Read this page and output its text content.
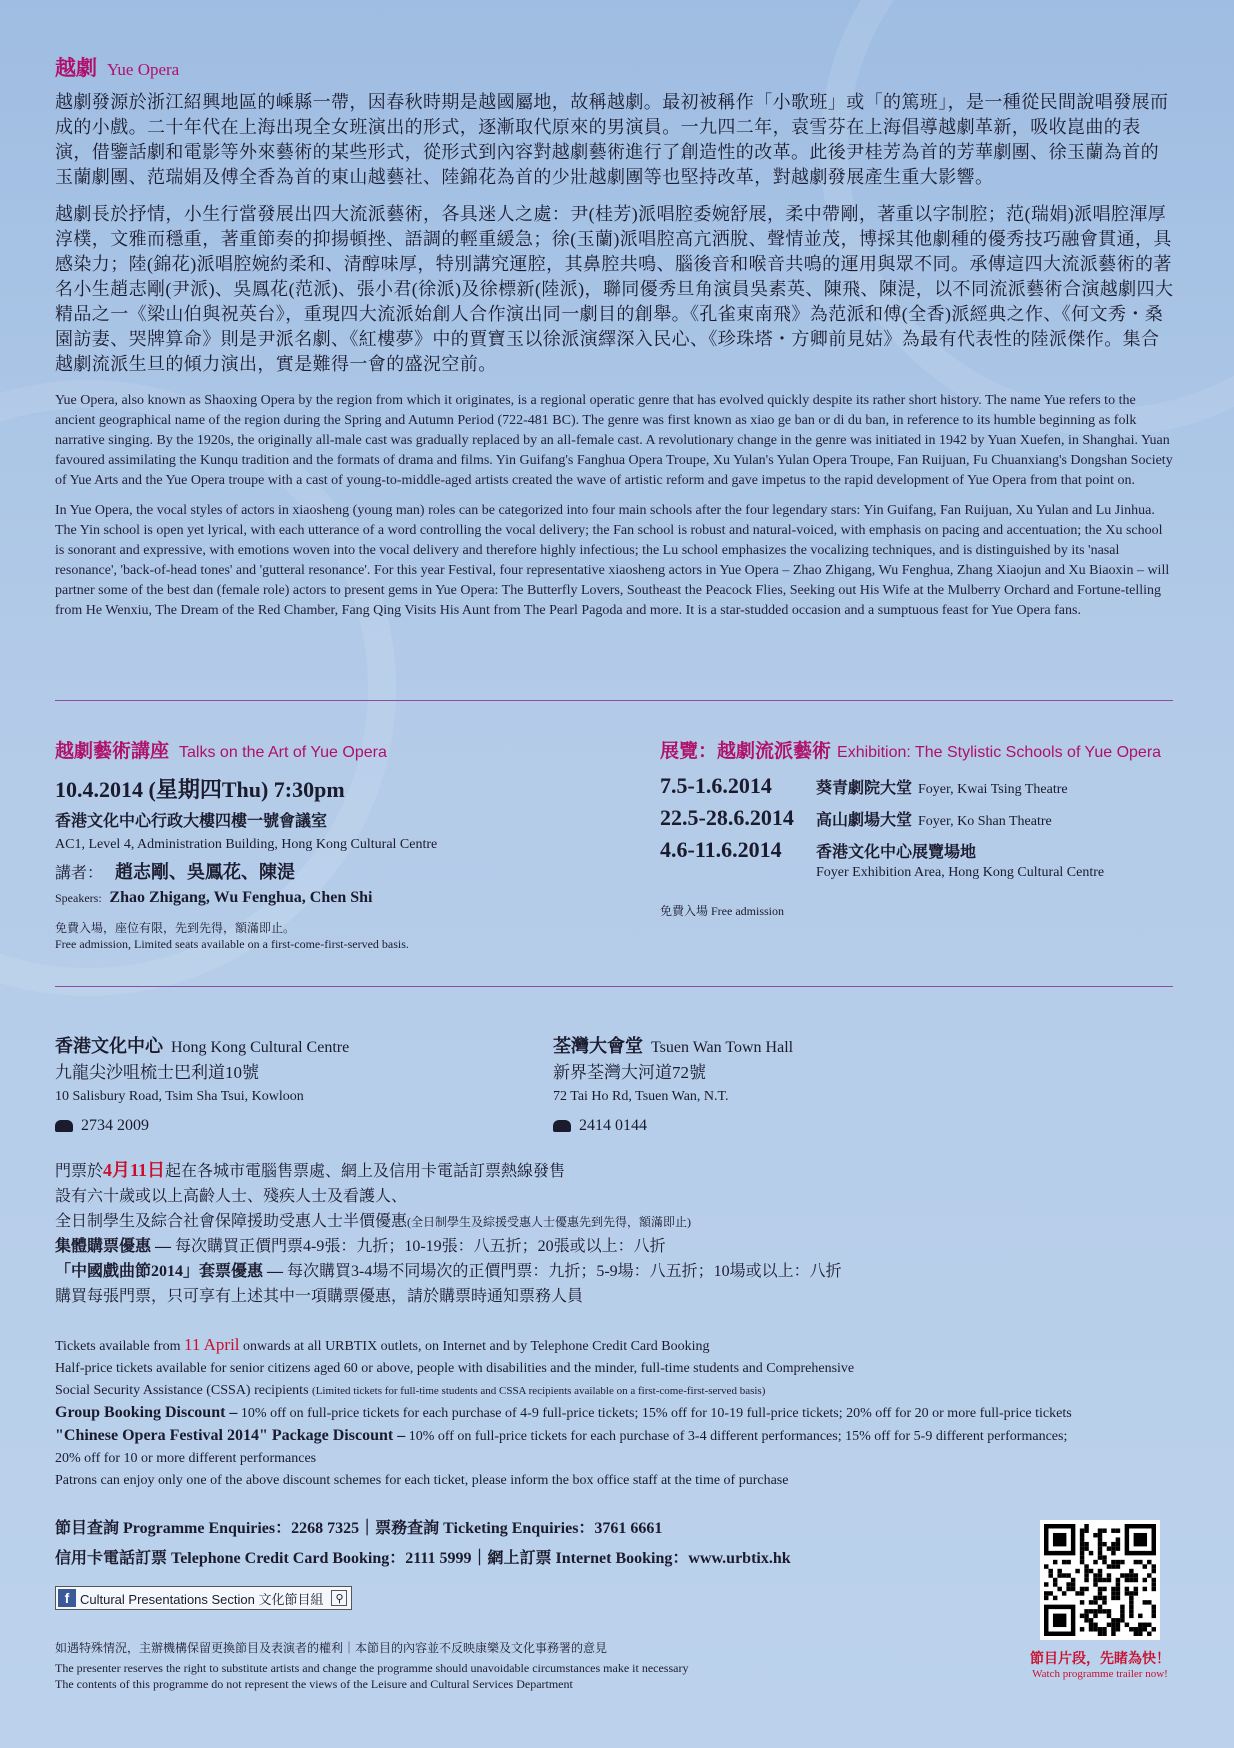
越劇 Yue Opera

越劇發源於浙江紹興地區的嵊縣一帶，因春秋時期是越國屬地，故稱越劇。最初被稱作「小歌班」或「的篤班」，是一種從民間說唱發展而成的小戲。二十年代在上海出現全女班演出的形式，逐漸取代原來的男演員。一九四二年，袁雪芬在上海倡導越劇革新，吸收崑曲的表演，借鑒話劇和電影等外來藝術的某些形式，從形式到內容對越劇藝術進行了創造性的改革。此後尹桂芳為首的芳華劇團、徐玉蘭為首的玉蘭劇團、范瑞娟及傅全香為首的東山越藝社、陸錦花為首的少壯越劇團等也堅持改革，對越劇發展產生重大影響。

越劇長於抒情，小生行當發展出四大流派藝術，各具迷人之處：尹(桂芳)派唱腔委婉舒展，柔中帶剛，著重以字制腔；范(瑞娟)派唱腔渾厚淳樸，文雅而穩重，著重節奏的抑揚頓挫、語調的輕重緩急；徐(玉蘭)派唱腔高亢洒脫、聲情並茂，博採其他劇種的優秀技巧融會貫通，具感染力；陸(錦花)派唱腔婉約柔和、清醇味厚，特別講究運腔，其鼻腔共鳴、腦後音和喉音共鳴的運用與眾不同。承傳這四大流派藝術的著名小生趙志剛(尹派)、吳鳳花(范派)、張小君(徐派)及徐標新(陸派)，聯同優秀旦角演員吳素英、陳飛、陳湜，以不同流派藝術合演越劇四大精品之一《梁山伯與祝英台》，重現四大流派始創人合作演出同一劇目的創舉。《孔雀東南飛》為范派和傅(全香)派經典之作、《何文秀・桑園訪妻、哭牌算命》則是尹派名劇、《紅樓夢》中的賈寶玉以徐派演繹深入民心、《珍珠塔・方卿前見姑》為最有代表性的陸派傑作。集合越劇流派生旦的傾力演出，實是難得一會的盛況空前。

Yue Opera, also known as Shaoxing Opera by the region from which it originates, is a regional operatic genre that has evolved quickly despite its rather short history. The name Yue refers to the ancient geographical name of the region during the Spring and Autumn Period (722-481 BC). The genre was first known as xiao ge ban or di du ban, in reference to its humble beginning as folk narrative singing. By the 1920s, the originally all-male cast was gradually replaced by an all-female cast. A revolutionary change in the genre was initiated in 1942 by Yuan Xuefen, in Shanghai. Yuan favoured assimilating the Kunqu tradition and the formats of drama and films. Yin Guifang's Fanghua Opera Troupe, Xu Yulan's Yulan Opera Troupe, Fan Ruijuan, Fu Chuanxiang's Dongshan Society of Yue Arts and the Yue Opera troupe with a cast of young-to-middle-aged artists created the wave of artistic reform and gave impetus to the rapid development of Yue Opera from that point on.

In Yue Opera, the vocal styles of actors in xiaosheng (young man) roles can be categorized into four main schools after the four legendary stars: Yin Guifang, Fan Ruijuan, Xu Yulan and Lu Jinhua. The Yin school is open yet lyrical, with each utterance of a word controlling the vocal delivery; the Fan school is robust and natural-voiced, with emphasis on pacing and accentuation; the Xu school is sonorant and expressive, with emotions woven into the vocal delivery and therefore highly infectious; the Lu school emphasizes the vocalizing techniques, and is distinguished by its 'nasal resonance', 'back-of-head tones' and 'gutteral resonance'. For this year Festival, four representative xiaosheng actors in Yue Opera – Zhao Zhigang, Wu Fenghua, Zhang Xiaojun and Xu Biaoxin – will partner some of the best dan (female role) actors to present gems in Yue Opera: The Butterfly Lovers, Southeast the Peacock Flies, Seeking out His Wife at the Mulberry Orchard and Fortune-telling from He Wenxiu, The Dream of the Red Chamber, Fang Qing Visits His Aunt from The Pearl Pagoda and more. It is a star-studded occasion and a sumptuous feast for Yue Opera fans.

越劇藝術講座 Talks on the Art of Yue Opera
10.4.2014 (星期四Thu) 7:30pm
香港文化中心行政大樓四樓一號會議室
AC1, Level 4, Administration Building, Hong Kong Cultural Centre
講者： 趙志剛、吳鳳花、陳湜
Speakers: Zhao Zhigang, Wu Fenghua, Chen Shi
免費入場，座位有限，先到先得，額滿即止。
Free admission, Limited seats available on a first-come-first-served basis.
展覽：越劇流派藝術 Exhibition: The Stylistic Schools of Yue Opera
7.5-1.6.2014	葵青劇院大堂 Foyer, Kwai Tsing Theatre
22.5-28.6.2014	高山劇場大堂 Foyer, Ko Shan Theatre
4.6-11.6.2014	香港文化中心展覽場地
Foyer Exhibition Area, Hong Kong Cultural Centre
免費入場 Free admission
香港文化中心 Hong Kong Cultural Centre
九龍尖沙咀梳士巴利道10號
10 Salisbury Road, Tsim Sha Tsui, Kowloon
2734 2009
荃灣大會堂 Tsuen Wan Town Hall
新界荃灣大河道72號
72 Tai Ho Rd, Tsuen Wan, N.T.
2414 0144
門票於4月11日起在各城市電腦售票處、網上及信用卡電話訂票熱線發售
設有六十歲或以上高齡人士、殘疾人士及看護人、
全日制學生及綜合社會保障援助受惠人士半價優惠(全日制學生及綜援受惠人士優惠先到先得，額滿即止)
集體購票優惠 — 每次購買正價門票4-9張：九折；10-19張：八五折；20張或以上：八折
「中國戲曲節2014」套票優惠 — 每次購買3-4場不同場次的正價門票：九折；5-9場：八五折；10場或以上：八折
購買每張門票，只可享有上述其中一項購票優惠，請於購票時通知票務人員
Tickets available from 11 April onwards at all URBTIX outlets, on Internet and by Telephone Credit Card Booking
Half-price tickets available for senior citizens aged 60 or above, people with disabilities and the minder, full-time students and Comprehensive
Social Security Assistance (CSSA) recipients (Limited tickets for full-time students and CSSA recipients available on a first-come-first-served basis)
Group Booking Discount – 10% off on full-price tickets for each purchase of 4-9 full-price tickets; 15% off for 10-19 full-price tickets; 20% off for 20 or more full-price tickets
"Chinese Opera Festival 2014" Package Discount – 10% off on full-price tickets for each purchase of 3-4 different performances; 15% off for 5-9 different performances;
20% off for 10 or more different performances
Patrons can enjoy only one of the above discount schemes for each ticket, please inform the box office staff at the time of purchase
節目查詢 Programme Enquiries：2268 7325｜票務查詢 Ticketing Enquiries：3761 6661
信用卡電話訂票 Telephone Credit Card Booking：2111 5999｜網上訂票 Internet Booking：www.urbtix.hk
f Cultural Presentations Section 文化節目組	⚲
如遇特殊情況，主辦機構保留更換節目及表演者的權利｜本節目的內容並不反映康樂及文化事務署的意見
The presenter reserves the right to substitute artists and change the programme should unavoidable circumstances make it necessary
The contents of this programme do not represent the views of the Leisure and Cultural Services Department
節目片段，先睹為快！
Watch programme trailer now!
